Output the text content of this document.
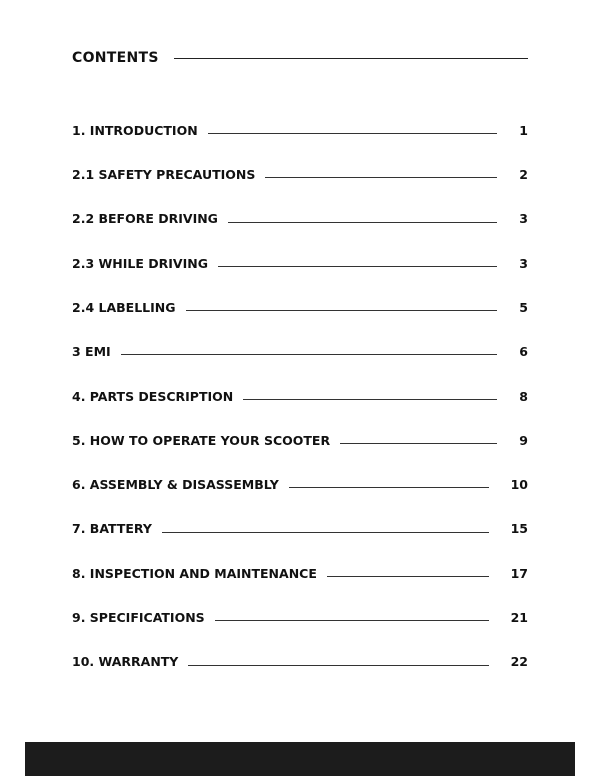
CONTENTS
1. INTRODUCTION	1
2.1 SAFETY PRECAUTIONS	2
2.2 BEFORE DRIVING	3
2.3 WHILE DRIVING	3
2.4 LABELLING	5
3 EMI	6
4. PARTS DESCRIPTION	8
5. HOW TO OPERATE YOUR SCOOTER	9
6. ASSEMBLY & DISASSEMBLY	10
7. BATTERY	15
8. INSPECTION AND MAINTENANCE	17
9. SPECIFICATIONS	21
10. WARRANTY	22
